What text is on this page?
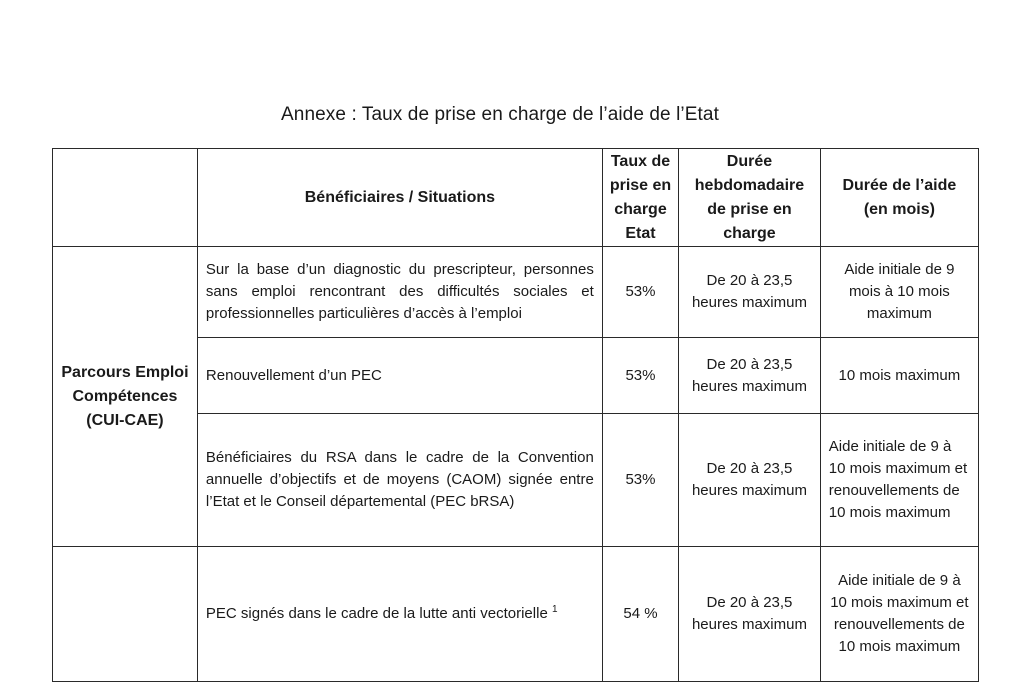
Annexe : Taux de prise en charge de l’aide de l’Etat
	Bénéficiaires / Situations	Taux de prise en charge Etat	Durée hebdomadaire de prise en charge	Durée de l’aide (en mois)
Parcours Emploi Compétences (CUI-CAE)	Sur la base d’un diagnostic du prescripteur, personnes sans emploi rencontrant des difficultés sociales et professionnelles particulières d’accès à l’emploi	53%	De 20 à 23,5 heures maximum	Aide initiale de 9 mois à 10 mois maximum
	Renouvellement d’un PEC	53%	De 20 à 23,5 heures maximum	10 mois maximum
	Bénéficiaires du RSA dans le cadre de la Convention annuelle d’objectifs et de moyens (CAOM) signée entre l’Etat et le Conseil départemental (PEC bRSA)	53%	De 20 à 23,5 heures maximum	Aide initiale de 9 à 10 mois maximum et renouvellements de 10 mois maximum
	PEC signés dans le cadre de la lutte anti vectorielle $^1$	54 %	De 20 à 23,5 heures maximum	Aide initiale de 9 à 10 mois maximum et renouvellements de 10 mois maximum
